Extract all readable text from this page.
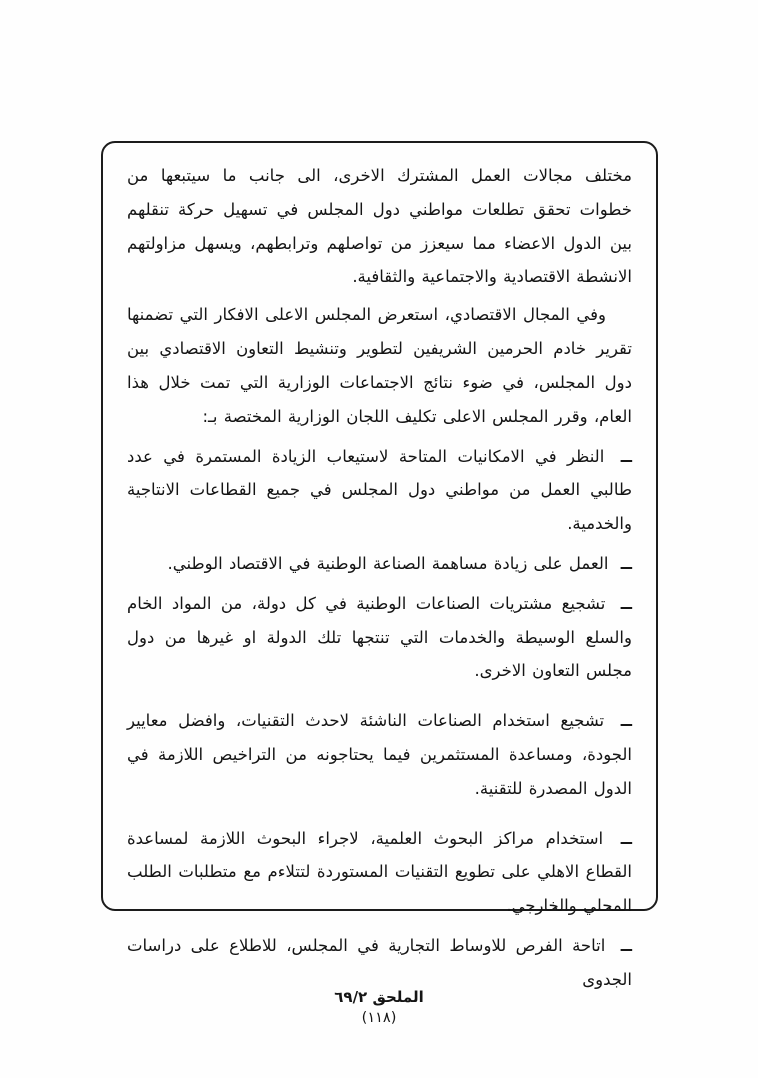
مختلف مجالات العمل المشترك الاخرى، الى جانب ما سيتبعها من خطوات تحقق تطلعات مواطني دول المجلس في تسهيل حركة تنقلهم بين الدول الاعضاء مما سيعزز من تواصلهم وترابطهم، ويسهل مزاولتهم الانشطة الاقتصادية والاجتماعية والثقافية.

وفي المجال الاقتصادي، استعرض المجلس الاعلى الافكار التي تضمنها تقرير خادم الحرمين الشريفين لتطوير وتنشيط التعاون الاقتصادي بين دول المجلس، في ضوء نتائج الاجتماعات الوزارية التي تمت خلال هذا العام، وقرر المجلس الاعلى تكليف اللجان الوزارية المختصة بـ:

ــ النظر في الامكانيات المتاحة لاستيعاب الزيادة المستمرة في عدد طالبي العمل من مواطني دول المجلس في جميع القطاعات الانتاجية والخدمية.

ــ العمل على زيادة مساهمة الصناعة الوطنية في الاقتصاد الوطني.

ــ تشجيع مشتريات الصناعات الوطنية في كل دولة، من المواد الخام والسلع الوسيطة والخدمات التي تنتجها تلك الدولة او غيرها من دول مجلس التعاون الاخرى.

ــ تشجيع استخدام الصناعات الناشئة لاحدث التقنيات، وافضل معايير الجودة، ومساعدة المستثمرين فيما يحتاجونه من التراخيص اللازمة في الدول المصدرة للتقنية.

ــ استخدام مراكز البحوث العلمية، لاجراء البحوث اللازمة لمساعدة القطاع الاهلي على تطويع التقنيات المستوردة لتتلاءم مع متطلبات الطلب المحلي والخارجي.

ــ اتاحة الفرص للاوساط التجارية في المجلس، للاطلاع على دراسات الجدوى

الملحق ٦٩/٢
(١١٨)
